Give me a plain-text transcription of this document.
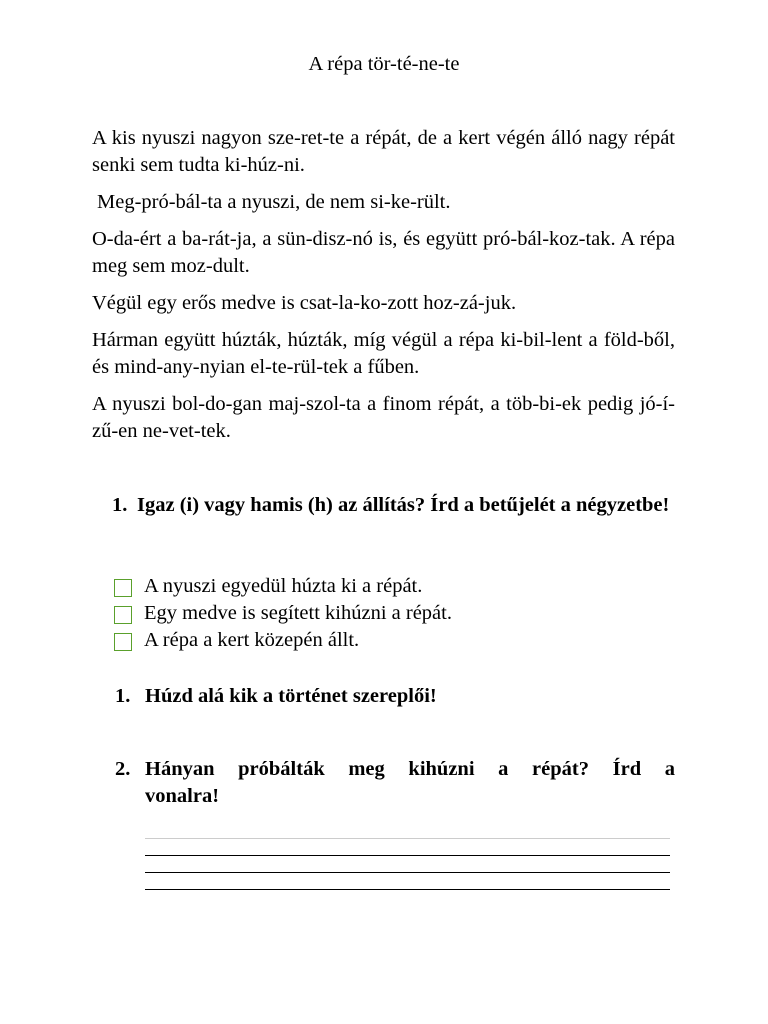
A répa tör-té-ne-te

A kis nyuszi nagyon sze-ret-te a répát, de a kert végén álló nagy répát senki sem tudta ki-húz-ni.

Meg-pró-bál-ta a nyuszi, de nem si-ke-rült.

O-da-ért a ba-rát-ja, a sün-disz-nó is, és együtt pró-bál-koz-tak. A répa meg sem moz-dult.

Végül egy erős medve is csat-la-ko-zott hoz-zá-juk.

Hárman együtt húzták, húzták, míg végül a répa ki-bil-lent a föld-ből, és mind-any-nyian el-te-rül-tek a fűben.

A nyuszi bol-do-gan maj-szol-ta a finom répát, a töb-bi-ek pedig jó-í-zű-en ne-vet-tek.

1. Igaz (i) vagy hamis (h) az állítás? Írd a betűjelét a négyzetbe!
A nyuszi egyedül húzta ki a répát.
Egy medve is segített kihúzni a répát.
A répa a kert közepén állt.
1. Húzd alá kik a történet szereplői!
2. Hányan próbálták meg kihúzni a répát? Írd a
vonalra!
